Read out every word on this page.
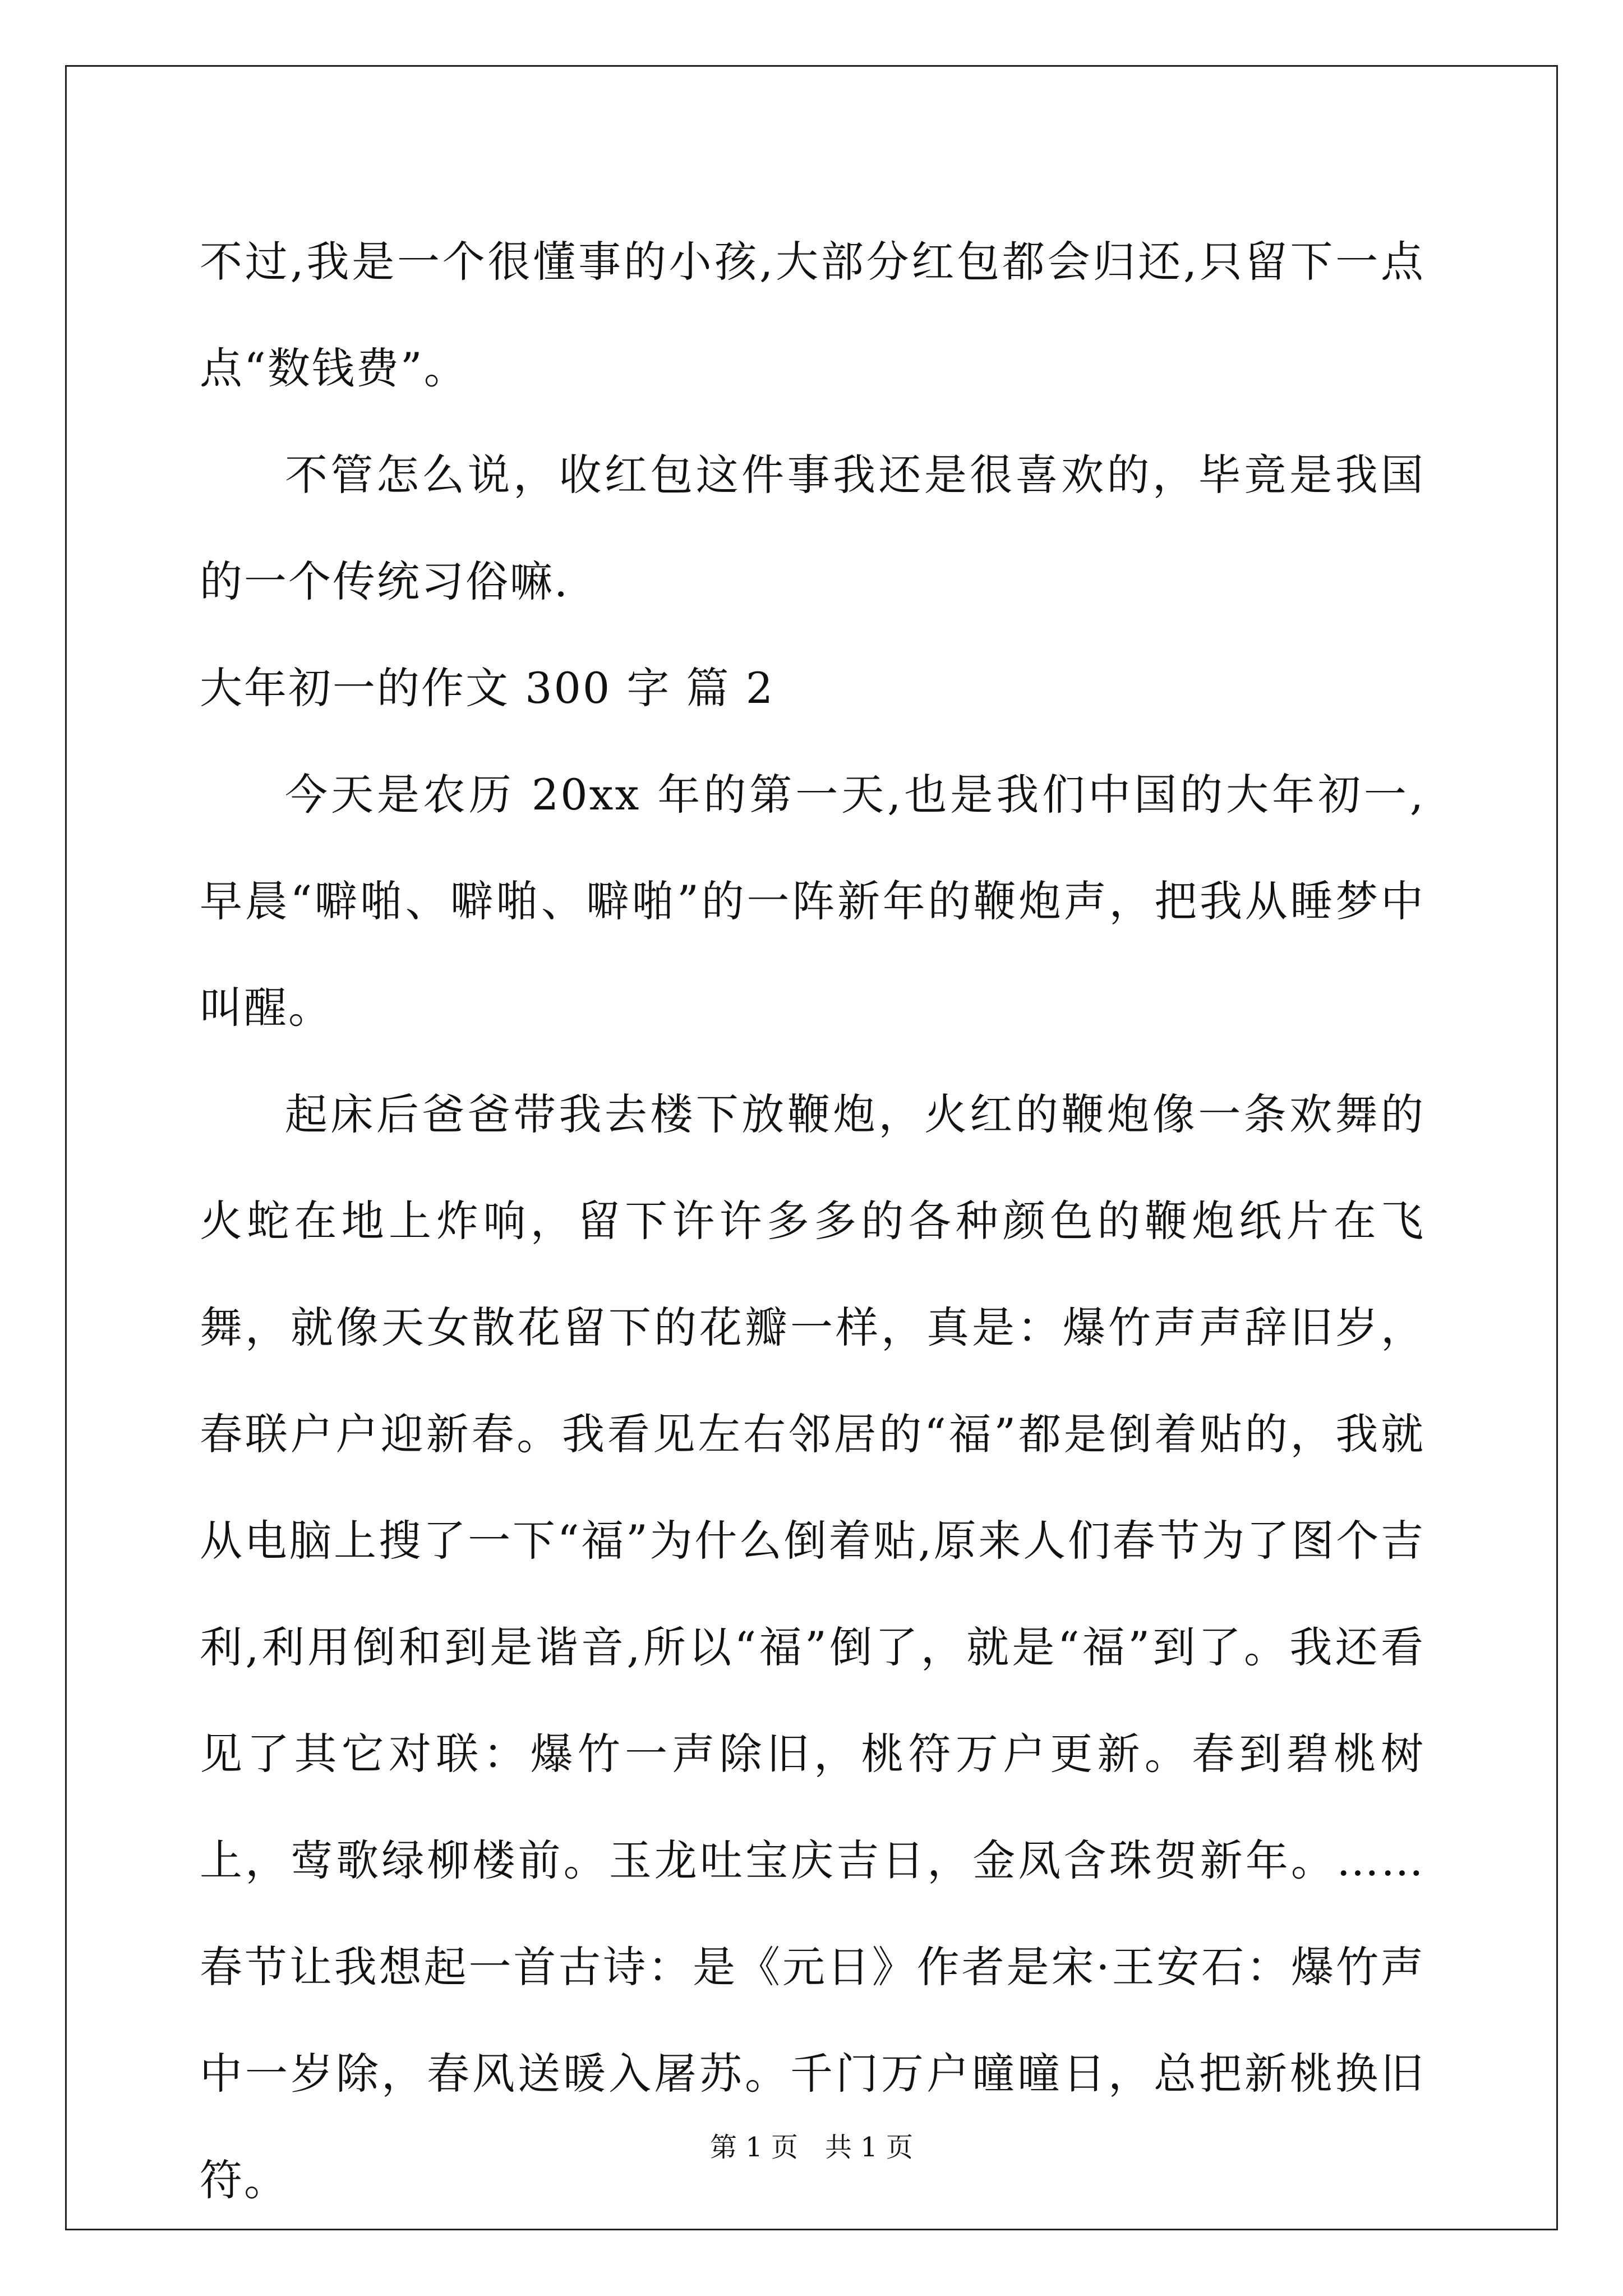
不过,我是一个很懂事的小孩,大部分红包都会归还,只留下一点点“数钱费”。

不管怎么说，收红包这件事我还是很喜欢的，毕竟是我国的一个传统习俗嘛.

大年初一的作文 300 字 篇 2

今天是农历 20xx 年的第一天,也是我们中国的大年初一,早晨“噼啪、噼啪、噼啪”的一阵新年的鞭炮声，把我从睡梦中叫醒。

起床后爸爸带我去楼下放鞭炮，火红的鞭炮像一条欢舞的火蛇在地上炸响，留下许许多多的各种颜色的鞭炮纸片在飞舞，就像天女散花留下的花瓣一样，真是：爆竹声声辞旧岁，春联户户迎新春。我看见左右邻居的“福”都是倒着贴的，我就从电脑上搜了一下“福”为什么倒着贴,原来人们春节为了图个吉利,利用倒和到是谐音,所以“福”倒了，就是“福”到了。我还看见了其它对联：爆竹一声除旧，桃符万户更新。春到碧桃树上，莺歌绿柳楼前。玉龙吐宝庆吉日，金凤含珠贺新年。……春节让我想起一首古诗：是《元日》作者是宋·王安石：爆竹声中一岁除，春风送暖入屠苏。千门万户曈曈日，总把新桃换旧符。

第 1 页　共 1 页
